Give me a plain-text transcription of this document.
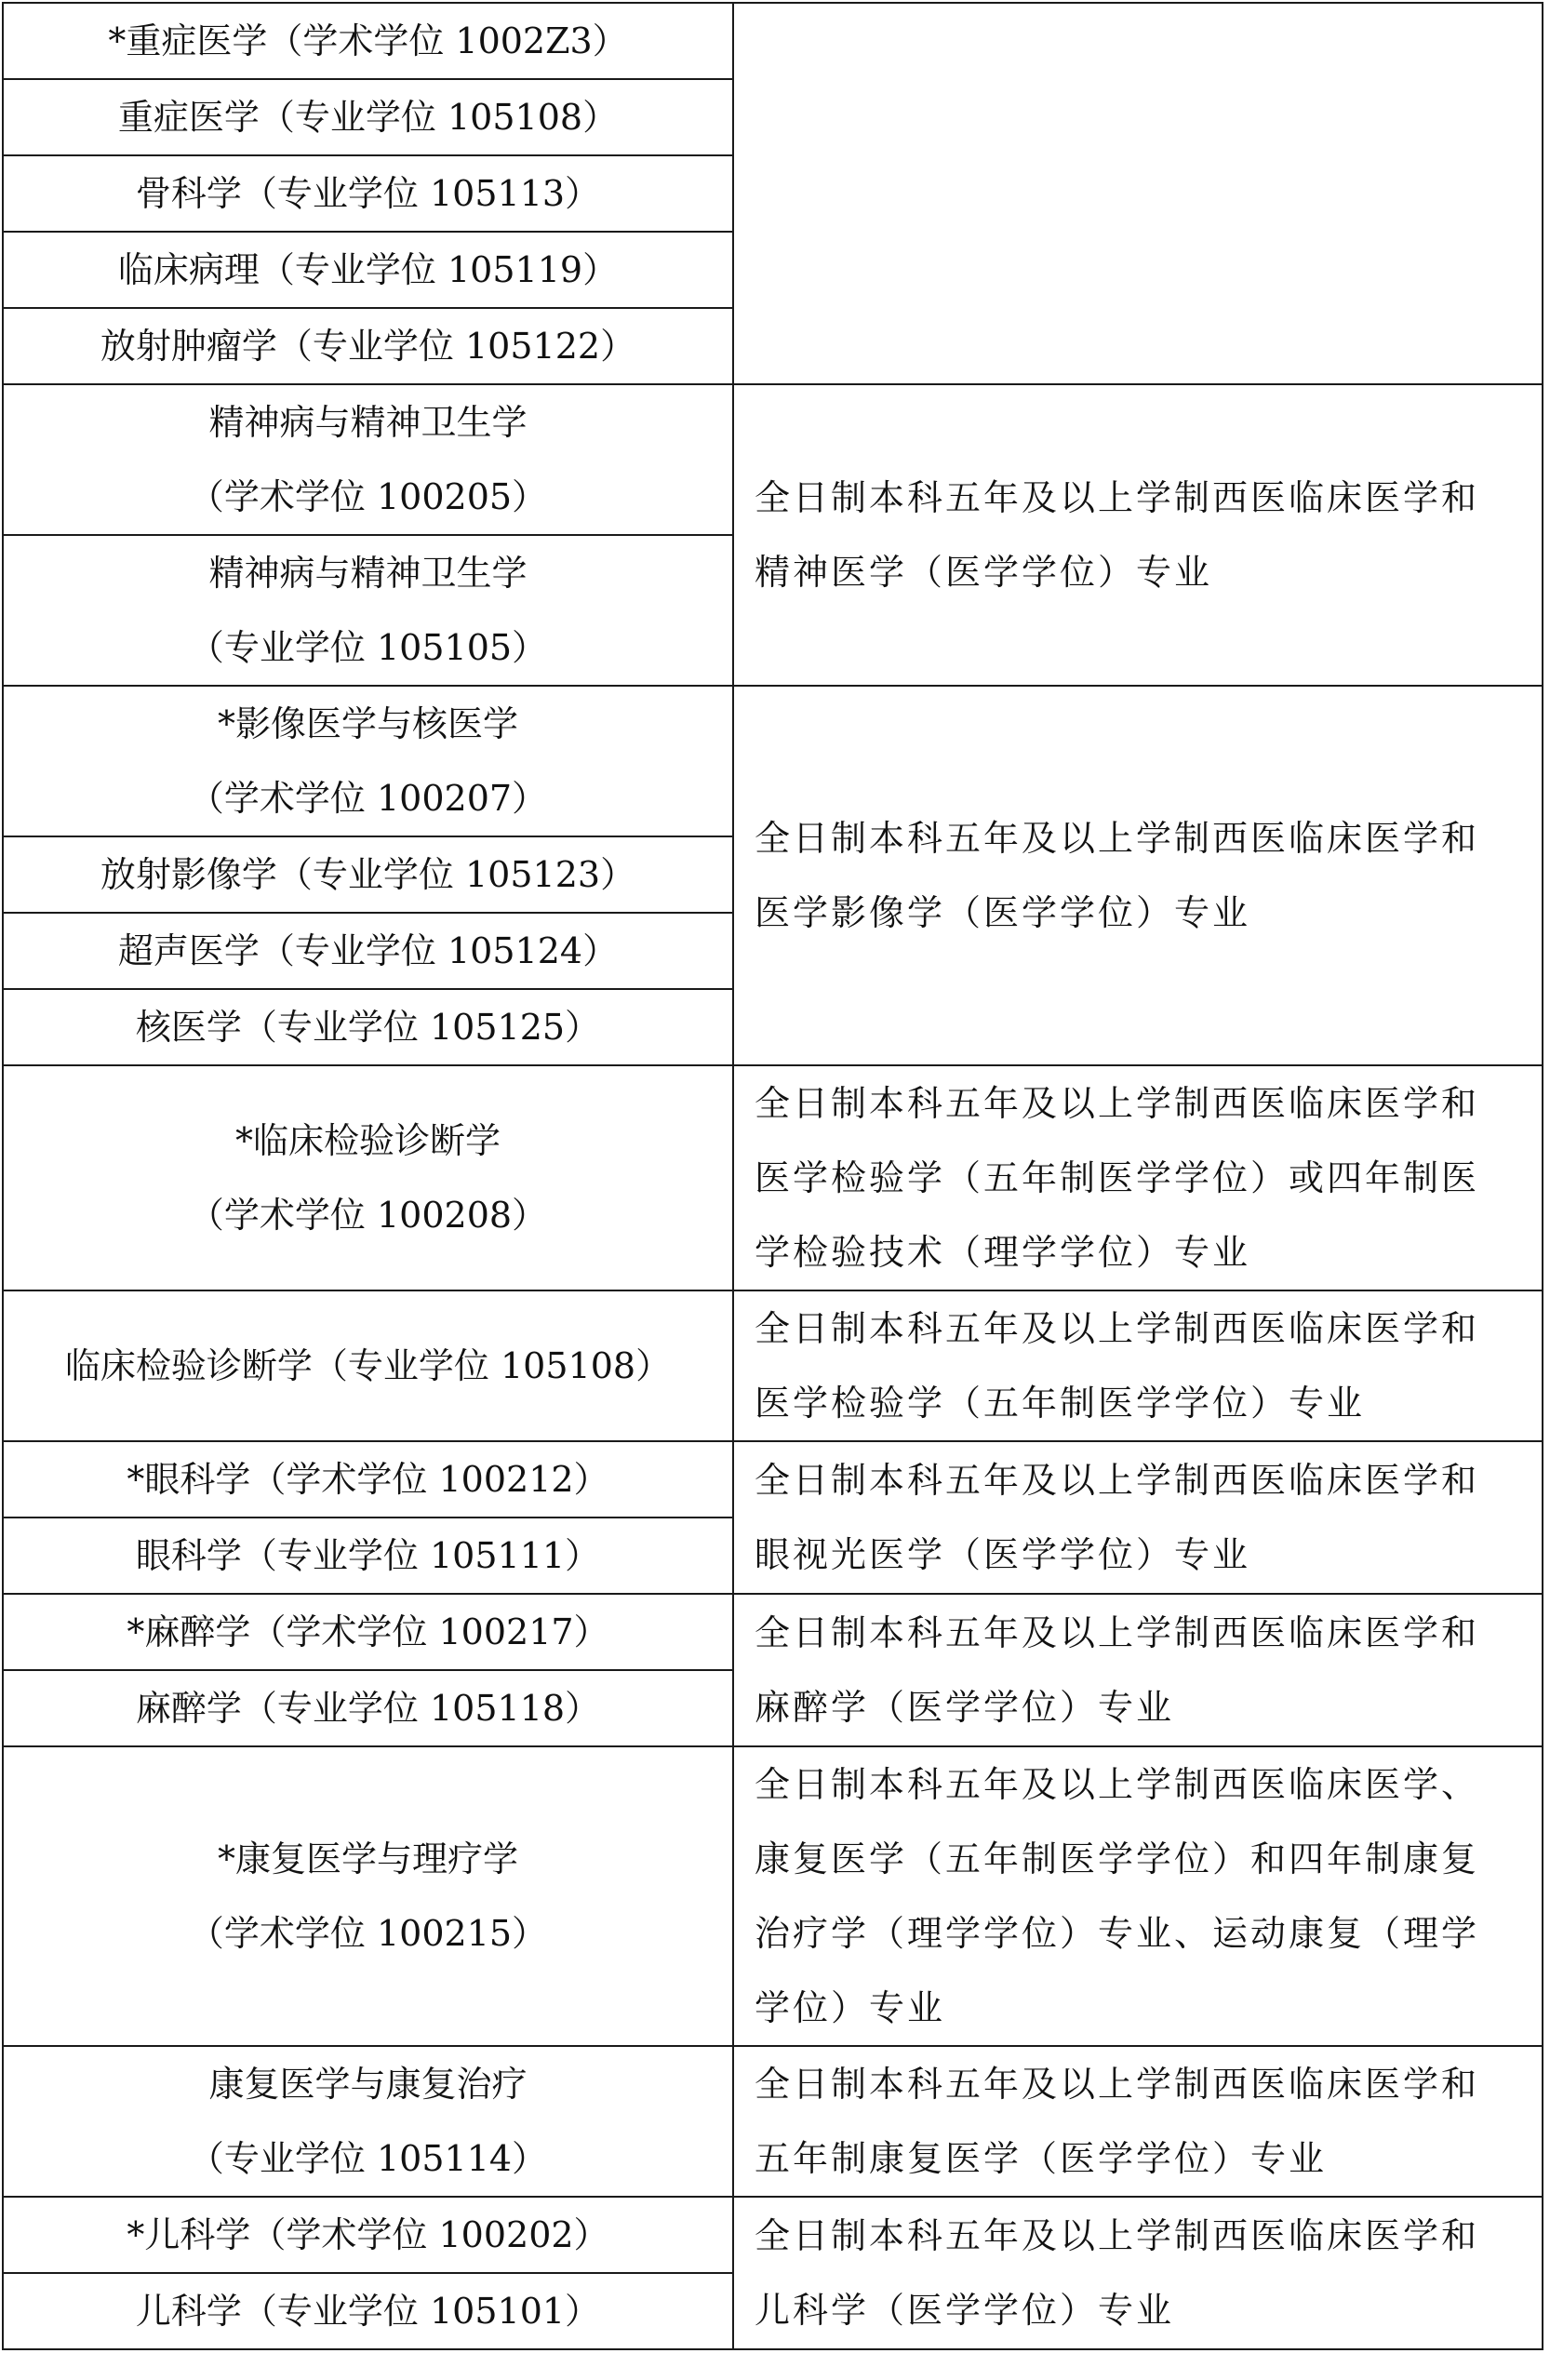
*重症医学（学术学位 1002Z3）	

重症医学（专业学位 105108）	

骨科学（专业学位 105113）	

临床病理（专业学位 105119）	

放射肿瘤学（专业学位 105122）	

精神病与精神卫生学
（学术学位 100205）	全日制本科五年及以上学制西医临床医学和
精神医学（医学学位）专业

精神病与精神卫生学
（专业学位 105105）	

*影像医学与核医学
（学术学位 100207）	全日制本科五年及以上学制西医临床医学和
医学影像学（医学学位）专业

放射影像学（专业学位 105123）	

超声医学（专业学位 105124）	

核医学（专业学位 105125）	

*临床检验诊断学
（学术学位 100208）	全日制本科五年及以上学制西医临床医学和
医学检验学（五年制医学学位）或四年制医
学检验技术（理学学位）专业

临床检验诊断学（专业学位 105108）	全日制本科五年及以上学制西医临床医学和
医学检验学（五年制医学学位）专业

*眼科学（学术学位 100212）	全日制本科五年及以上学制西医临床医学和
眼视光医学（医学学位）专业

眼科学（专业学位 105111）	

*麻醉学（学术学位 100217）	全日制本科五年及以上学制西医临床医学和
麻醉学（医学学位）专业

麻醉学（专业学位 105118）	

*康复医学与理疗学
（学术学位 100215）	全日制本科五年及以上学制西医临床医学、
康复医学（五年制医学学位）和四年制康复
治疗学（理学学位）专业、运动康复（理学
学位）专业

康复医学与康复治疗
（专业学位 105114）	全日制本科五年及以上学制西医临床医学和
五年制康复医学（医学学位）专业

*儿科学（学术学位 100202）	全日制本科五年及以上学制西医临床医学和
儿科学（医学学位）专业

儿科学（专业学位 105101）	
